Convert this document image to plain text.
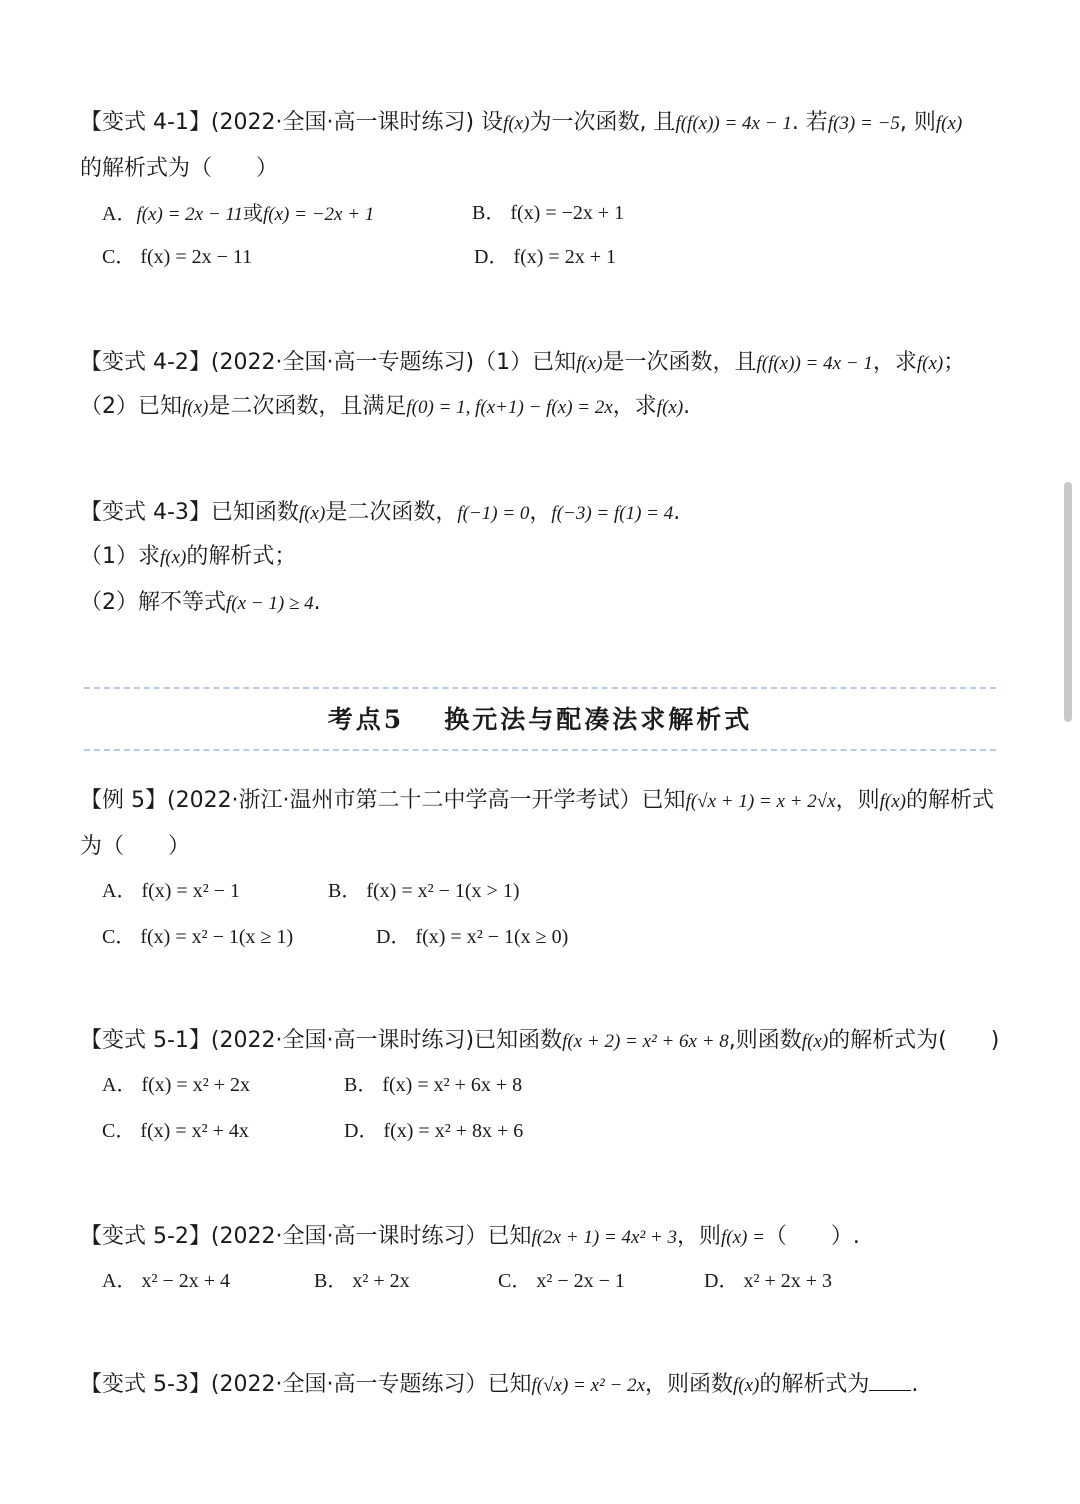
【变式 4-1】(2022·全国·高一课时练习) 设f(x)为一次函数, 且f(f(x)) = 4x − 1. 若f(3) = −5, 则f(x)
的解析式为（　　）
A．f(x) = 2x − 11或f(x) = −2x + 1	B． f(x) = −2x + 1
C． f(x) = 2x − 11	D． f(x) = 2x + 1
【变式 4-2】(2022·全国·高一专题练习)（1）已知f(x)是一次函数，且f(f(x)) = 4x − 1，求f(x)；
（2）已知f(x)是二次函数，且满足f(0) = 1, f(x+1) − f(x) = 2x，求f(x).
【变式 4-3】已知函数f(x)是二次函数，f(−1) = 0，f(−3) = f(1) = 4.
（1）求f(x)的解析式；
（2）解不等式f(x − 1) ≥ 4.
考点5 换元法与配凑法求解析式
【例 5】(2022·浙江·温州市第二十二中学高一开学考试）已知f(√x + 1) = x + 2√x，则f(x)的解析式
为（　　）
A． f(x) = x² − 1	B． f(x) = x² − 1(x > 1)
C． f(x) = x² − 1(x ≥ 1)	D． f(x) = x² − 1(x ≥ 0)
【变式 5-1】(2022·全国·高一课时练习)已知函数f(x + 2) = x² + 6x + 8,则函数f(x)的解析式为(　　)
A． f(x) = x² + 2x	B． f(x) = x² + 6x + 8
C． f(x) = x² + 4x	D． f(x) = x² + 8x + 6
【变式 5-2】(2022·全国·高一课时练习）已知f(2x + 1) = 4x² + 3，则f(x) =（　　）.
A． x² − 2x + 4	B． x² + 2x	C． x² − 2x − 1	D． x² + 2x + 3
【变式 5-3】(2022·全国·高一专题练习）已知f(√x) = x² − 2x，则函数f(x)的解析式为 .
